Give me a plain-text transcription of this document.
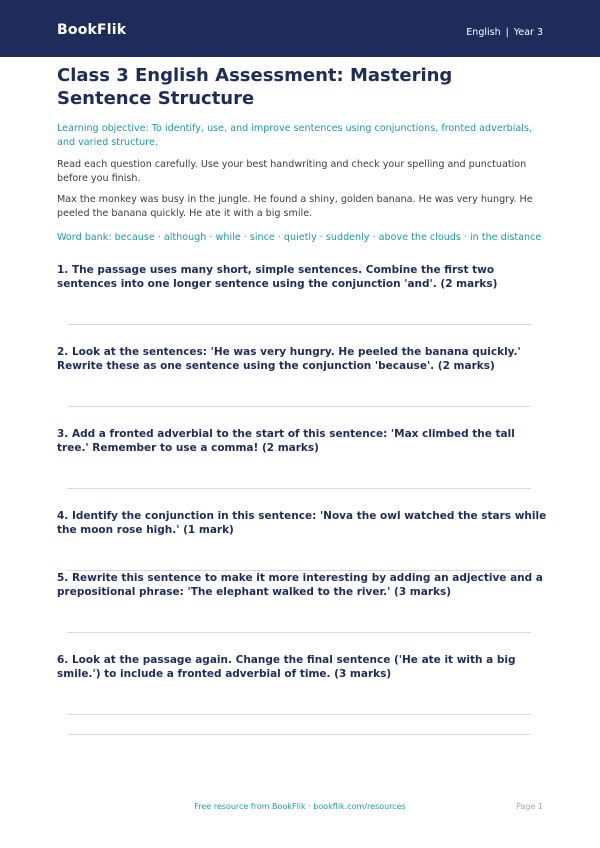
BookFlik	English | Year 3
Class 3 English Assessment: Mastering Sentence Structure
Learning objective: To identify, use, and improve sentences using conjunctions, fronted adverbials, and varied structure.
Read each question carefully. Use your best handwriting and check your spelling and punctuation before you finish.
Max the monkey was busy in the jungle. He found a shiny, golden banana. He was very hungry. He peeled the banana quickly. He ate it with a big smile.
Word bank: because · although · while · since · quietly · suddenly · above the clouds · in the distance
1. The passage uses many short, simple sentences. Combine the first two sentences into one longer sentence using the conjunction 'and'. (2 marks)
2. Look at the sentences: 'He was very hungry. He peeled the banana quickly.' Rewrite these as one sentence using the conjunction 'because'. (2 marks)
3. Add a fronted adverbial to the start of this sentence: 'Max climbed the tall tree.' Remember to use a comma! (2 marks)
4. Identify the conjunction in this sentence: 'Nova the owl watched the stars while the moon rose high.' (1 mark)
5. Rewrite this sentence to make it more interesting by adding an adjective and a prepositional phrase: 'The elephant walked to the river.' (3 marks)
6. Look at the passage again. Change the final sentence ('He ate it with a big smile.') to include a fronted adverbial of time. (3 marks)
Free resource from BookFlik · bookflik.com/resources	Page 1
